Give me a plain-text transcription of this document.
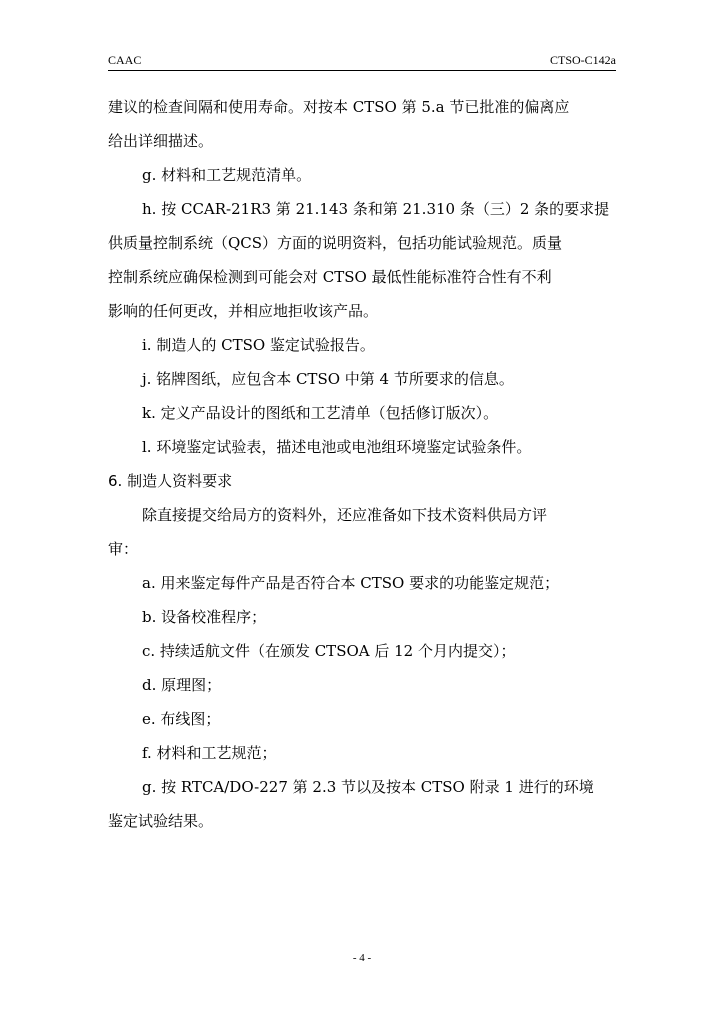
CAAC	CTSO-C142a

建议的检查间隔和使用寿命。对按本 CTSO 第 5.a 节已批准的偏离应

给出详细描述。

g. 材料和工艺规范清单。

h. 按 CCAR-21R3 第 21.143 条和第 21.310 条（三）2 条的要求提

供质量控制系统（QCS）方面的说明资料，包括功能试验规范。质量

控制系统应确保检测到可能会对 CTSO 最低性能标准符合性有不利

影响的任何更改，并相应地拒收该产品。

i. 制造人的 CTSO 鉴定试验报告。

j. 铭牌图纸，应包含本 CTSO 中第 4 节所要求的信息。

k. 定义产品设计的图纸和工艺清单（包括修订版次）。

l. 环境鉴定试验表，描述电池或电池组环境鉴定试验条件。

6. 制造人资料要求

除直接提交给局方的资料外，还应准备如下技术资料供局方评

审：

a. 用来鉴定每件产品是否符合本 CTSO 要求的功能鉴定规范；

b. 设备校准程序；

c. 持续适航文件（在颁发 CTSOA 后 12 个月内提交）；

d. 原理图；

e. 布线图；

f. 材料和工艺规范；

g. 按 RTCA/DO-227 第 2.3 节以及按本 CTSO 附录 1 进行的环境

鉴定试验结果。

- 4 -
